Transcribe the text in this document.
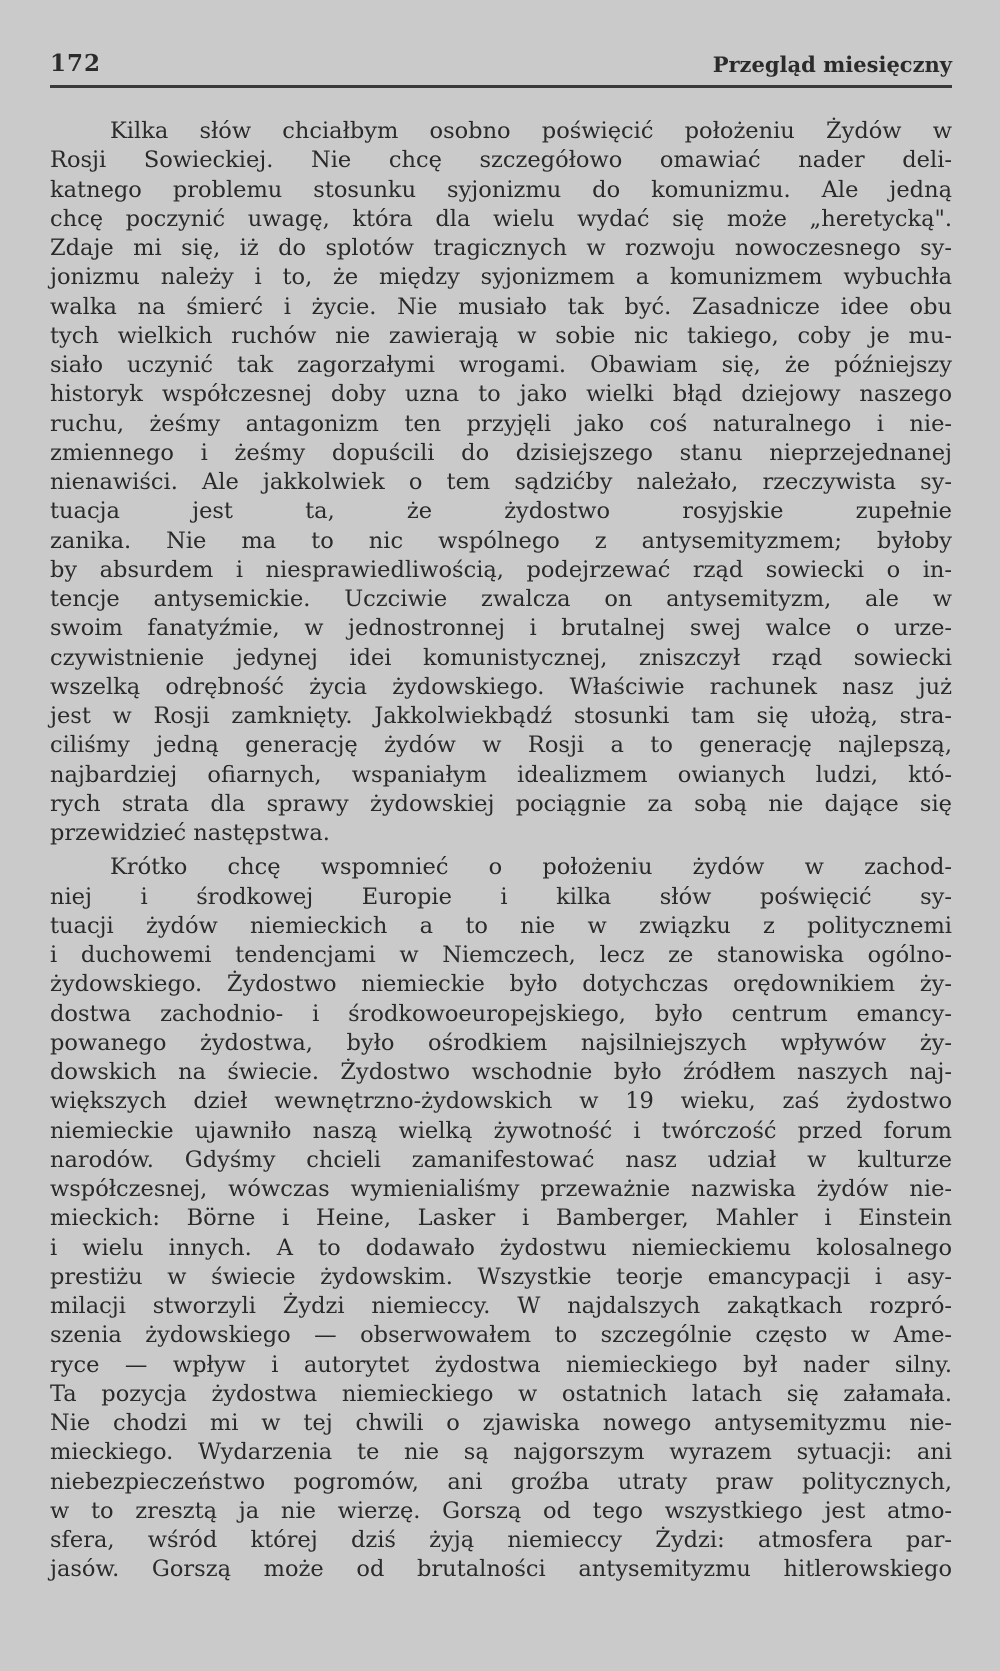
172	Przegląd miesięczny
Kilka słów chciałbym osobno poświęcić położeniu Żydów w
Rosji Sowieckiej. Nie chcę szczegółowo omawiać nader deli-
katnego problemu stosunku syjonizmu do komunizmu. Ale jedną
chcę poczynić uwagę, która dla wielu wydać się może „heretycką".
Zdaje mi się, iż do splotów tragicznych w rozwoju nowoczesnego sy-
jonizmu należy i to, że między syjonizmem a komunizmem wybuchła
walka na śmierć i życie. Nie musiało tak być. Zasadnicze idee obu
tych wielkich ruchów nie zawierają w sobie nic takiego, coby je mu-
siało uczynić tak zagorzałymi wrogami. Obawiam się, że późniejszy
historyk współczesnej doby uzna to jako wielki błąd dziejowy naszego
ruchu, żeśmy antagonizm ten przyjęli jako coś naturalnego i nie-
zmiennego i żeśmy dopuścili do dzisiejszego stanu nieprzejednanej
nienawiści. Ale jakkolwiek o tem sądzićby należało, rzeczywista sy-
tuacja jest ta, że żydostwo rosyjskie zupełnie
zanika. Nie ma to nic wspólnego z antysemityzmem; byłoby
by absurdem i niesprawiedliwością, podejrzewać rząd sowiecki o in-
tencje antysemickie. Uczciwie zwalcza on antysemityzm, ale w
swoim fanatyźmie, w jednostronnej i brutalnej swej walce o urze-
czywistnienie jedynej idei komunistycznej, zniszczył rząd sowiecki
wszelką odrębność życia żydowskiego. Właściwie rachunek nasz już
jest w Rosji zamknięty. Jakkolwiekbądź stosunki tam się ułożą, stra-
ciliśmy jedną generację żydów w Rosji a to generację najlepszą,
najbardziej ofiarnych, wspaniałym idealizmem owianych ludzi, któ-
rych strata dla sprawy żydowskiej pociągnie za sobą nie dające się
przewidzieć następstwa.
Krótko chcę wspomnieć o położeniu żydów w zachod-
niej i środkowej Europie i kilka słów poświęcić sy-
tuacji żydów niemieckich a to nie w związku z politycznemi
i duchowemi tendencjami w Niemczech, lecz ze stanowiska ogólno-
żydowskiego. Żydostwo niemieckie było dotychczas orędownikiem ży-
dostwa zachodnio- i środkowoeuropejskiego, było centrum emancy-
powanego żydostwa, było ośrodkiem najsilniejszych wpływów ży-
dowskich na świecie. Żydostwo wschodnie było źródłem naszych naj-
większych dzieł wewnętrzno-żydowskich w 19 wieku, zaś żydostwo
niemieckie ujawniło naszą wielką żywotność i twórczość przed forum
narodów. Gdyśmy chcieli zamanifestować nasz udział w kulturze
współczesnej, wówczas wymienialiśmy przeważnie nazwiska żydów nie-
mieckich: Börne i Heine, Lasker i Bamberger, Mahler i Einstein
i wielu innych. A to dodawało żydostwu niemieckiemu kolosalnego
prestiżu w świecie żydowskim. Wszystkie teorje emancypacji i asy-
milacji stworzyli Żydzi niemieccy. W najdalszych zakątkach rozpró-
szenia żydowskiego — obserwowałem to szczególnie często w Ame-
ryce — wpływ i autorytet żydostwa niemieckiego był nader silny.
Ta pozycja żydostwa niemieckiego w ostatnich latach się załamała.
Nie chodzi mi w tej chwili o zjawiska nowego antysemityzmu nie-
mieckiego. Wydarzenia te nie są najgorszym wyrazem sytuacji: ani
niebezpieczeństwo pogromów, ani groźba utraty praw politycznych,
w to zresztą ja nie wierzę. Gorszą od tego wszystkiego jest atmo-
sfera, wśród której dziś żyją niemieccy Żydzi: atmosfera par-
jasów. Gorszą może od brutalności antysemityzmu hitlerowskiego
